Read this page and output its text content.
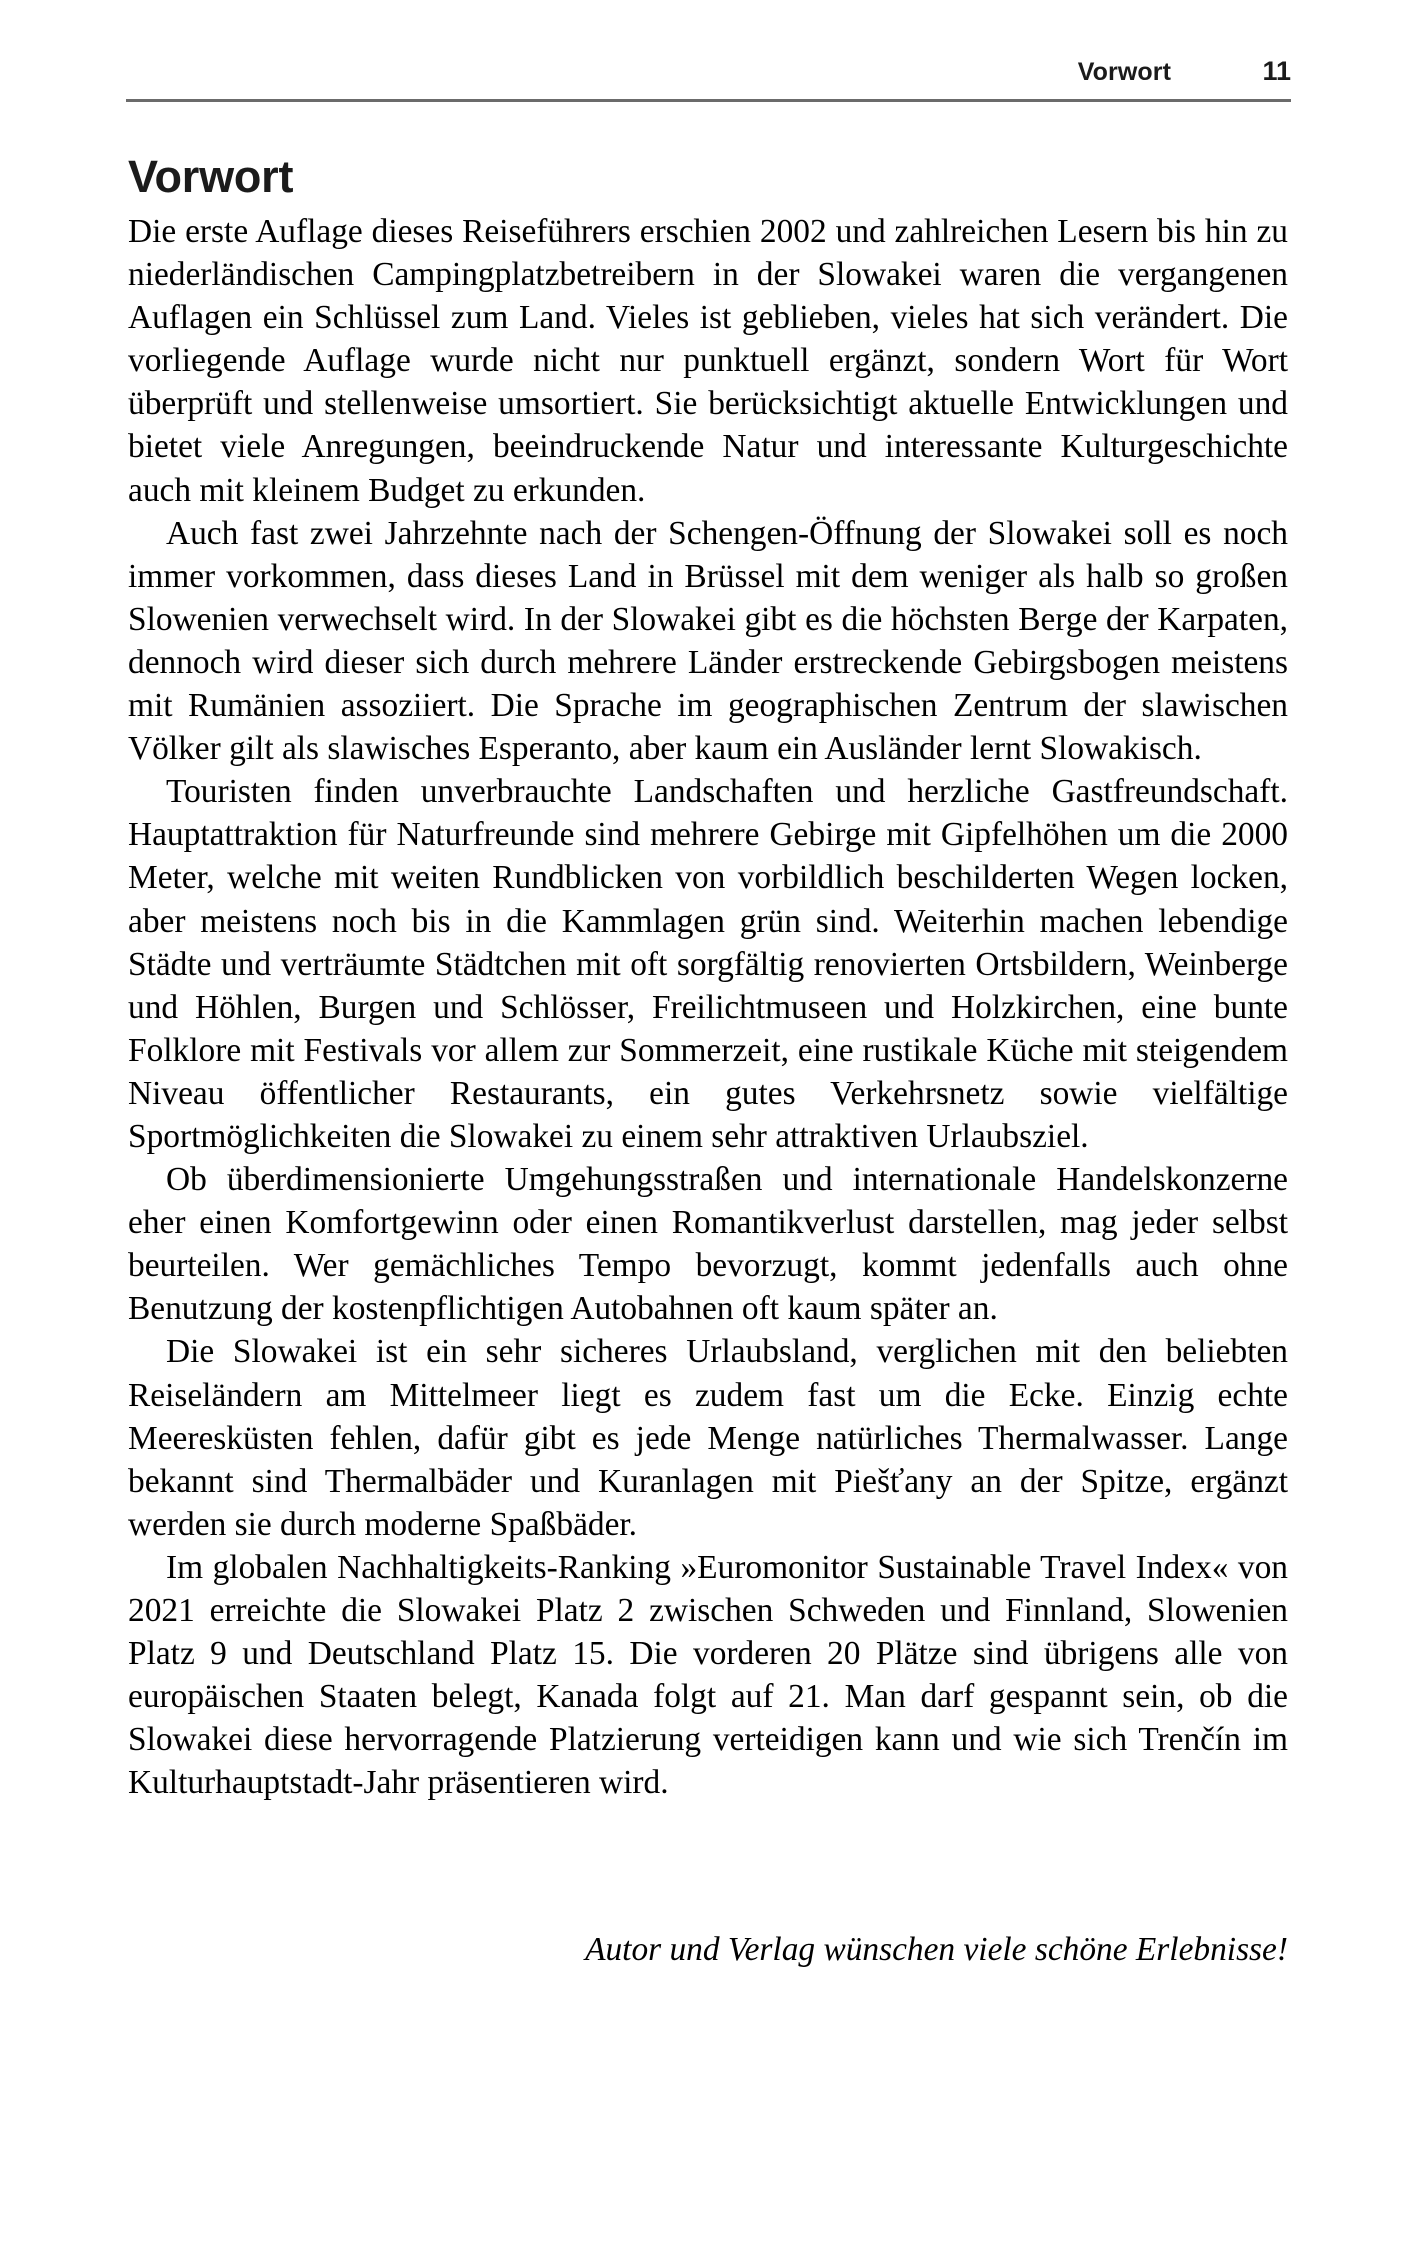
Vorwort	11
Vorwort

Die erste Auflage dieses Reiseführers erschien 2002 und zahlreichen Lesern bis hin zu niederländischen Campingplatzbetreibern in der Slowakei waren die vergangenen Auflagen ein Schlüssel zum Land. Vieles ist geblieben, vieles hat sich verändert. Die vorliegende Auflage wurde nicht nur punktuell ergänzt, sondern Wort für Wort überprüft und stellenweise umsortiert. Sie berücksichtigt aktuelle Entwicklungen und bietet viele Anregungen, beeindruckende Natur und interessante Kulturgeschichte auch mit kleinem Budget zu erkunden.

Auch fast zwei Jahrzehnte nach der Schengen-Öffnung der Slowakei soll es noch immer vorkommen, dass dieses Land in Brüssel mit dem weniger als halb so großen Slowenien verwechselt wird. In der Slowakei gibt es die höchsten Berge der Karpaten, dennoch wird dieser sich durch mehrere Länder erstreckende Gebirgsbogen meistens mit Rumänien assoziiert. Die Sprache im geographischen Zentrum der slawischen Völker gilt als slawisches Esperanto, aber kaum ein Ausländer lernt Slowakisch.

Touristen finden unverbrauchte Landschaften und herzliche Gastfreundschaft. Hauptattraktion für Naturfreunde sind mehrere Gebirge mit Gipfelhöhen um die 2000 Meter, welche mit weiten Rundblicken von vorbildlich beschilderten Wegen locken, aber meistens noch bis in die Kammlagen grün sind. Weiterhin machen lebendige Städte und verträumte Städtchen mit oft sorgfältig renovierten Ortsbildern, Weinberge und Höhlen, Burgen und Schlösser, Freilichtmuseen und Holzkirchen, eine bunte Folklore mit Festivals vor allem zur Sommerzeit, eine rustikale Küche mit steigendem Niveau öffentlicher Restaurants, ein gutes Verkehrsnetz sowie vielfältige Sportmöglichkeiten die Slowakei zu einem sehr attraktiven Urlaubsziel.

Ob überdimensionierte Umgehungsstraßen und internationale Handelskonzerne eher einen Komfortgewinn oder einen Romantikverlust darstellen, mag jeder selbst beurteilen. Wer gemächliches Tempo bevorzugt, kommt jedenfalls auch ohne Benutzung der kostenpflichtigen Autobahnen oft kaum später an.

Die Slowakei ist ein sehr sicheres Urlaubsland, verglichen mit den beliebten Reiseländern am Mittelmeer liegt es zudem fast um die Ecke. Einzig echte Meeresküsten fehlen, dafür gibt es jede Menge natürliches Thermalwasser. Lange bekannt sind Thermalbäder und Kuranlagen mit Piešťany an der Spitze, ergänzt werden sie durch moderne Spaßbäder.

Im globalen Nachhaltigkeits-Ranking »Euromonitor Sustainable Travel Index« von 2021 erreichte die Slowakei Platz 2 zwischen Schweden und Finnland, Slowenien Platz 9 und Deutschland Platz 15. Die vorderen 20 Plätze sind übrigens alle von europäischen Staaten belegt, Kanada folgt auf 21. Man darf gespannt sein, ob die Slowakei diese hervorragende Platzierung verteidigen kann und wie sich Trenčín im Kulturhauptstadt-Jahr präsentieren wird.

Autor und Verlag wünschen viele schöne Erlebnisse!
